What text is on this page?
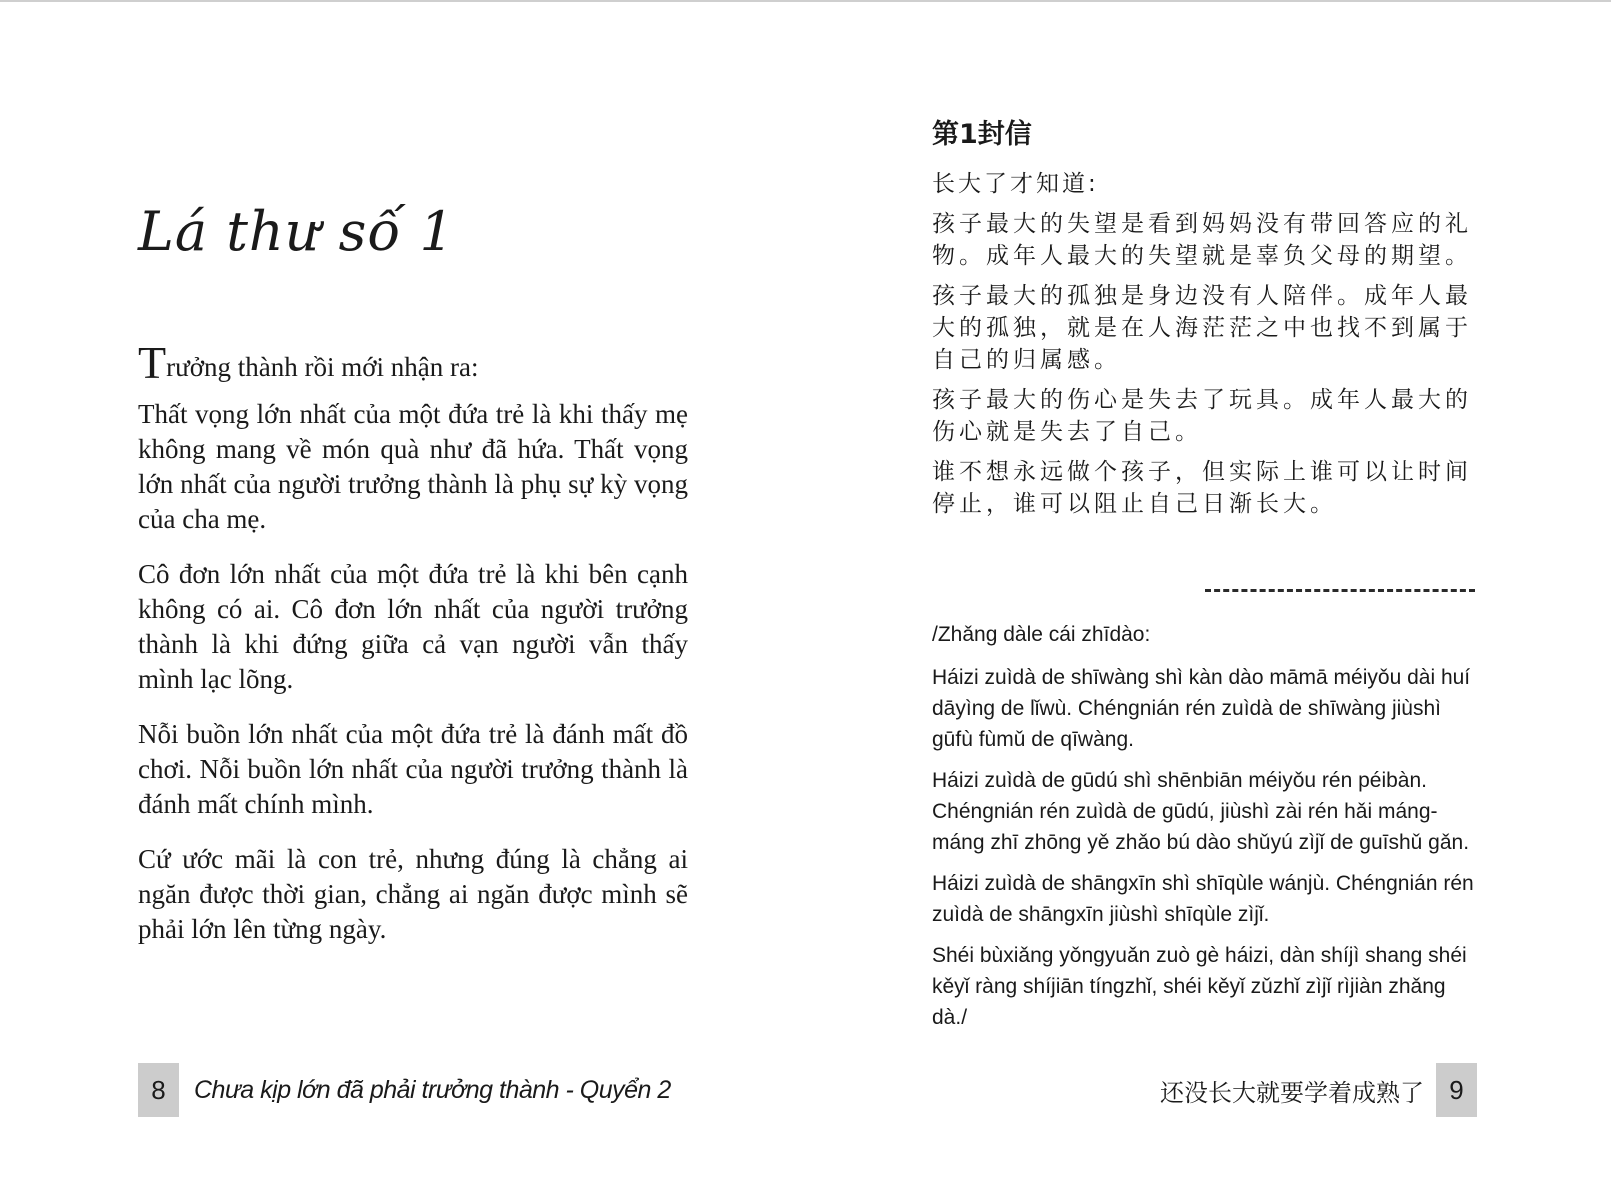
Lá thư số 1

Trưởng thành rồi mới nhận ra:

Thất vọng lớn nhất của một đứa trẻ là khi thấy mẹ không mang về món quà như đã hứa. Thất vọng lớn nhất của người trưởng thành là phụ sự kỳ vọng của cha mẹ.

Cô đơn lớn nhất của một đứa trẻ là khi bên cạnh không có ai. Cô đơn lớn nhất của người trưởng thành là khi đứng giữa cả vạn người vẫn thấy mình lạc lõng.

Nỗi buồn lớn nhất của một đứa trẻ là đánh mất đồ chơi. Nỗi buồn lớn nhất của người trưởng thành là đánh mất chính mình.

Cứ ước mãi là con trẻ, nhưng đúng là chẳng ai ngăn được thời gian, chẳng ai ngăn được mình sẽ phải lớn lên từng ngày.

8	Chưa kịp lớn đã phải trưởng thành - Quyển 2
第1封信

长大了才知道:

孩子最大的失望是看到妈妈没有带回答应的礼物。成年人最大的失望就是辜负父母的期望。

孩子最大的孤独是身边没有人陪伴。成年人最大的孤独，就是在人海茫茫之中也找不到属于自己的归属感。

孩子最大的伤心是失去了玩具。成年人最大的伤心就是失去了自己。

谁不想永远做个孩子，但实际上谁可以让时间停止，谁可以阻止自己日渐长大。

/Zhǎng dàle cái zhīdào:

Háizi zuìdà de shīwàng shì kàn dào māmā méiyǒu dài huí dāyìng de lǐwù. Chéngnián rén zuìdà de shīwàng jiùshì gūfù fùmǔ de qīwàng.

Háizi zuìdà de gūdú shì shēnbiān méiyǒu rén péibàn. Chéngnián rén zuìdà de gūdú, jiùshì zài rén hǎi máng-máng zhī zhōng yě zhǎo bú dào shǔyú zìjǐ de guīshǔ gǎn.

Háizi zuìdà de shāngxīn shì shīqùle wánjù. Chéngnián rén zuìdà de shāngxīn jiùshì shīqùle zìjǐ.

Shéi bùxiǎng yǒngyuǎn zuò gè háizi, dàn shíjì shang shéi kěyǐ ràng shíjiān tíngzhǐ, shéi kěyǐ zǔzhǐ zìjǐ rìjiàn zhǎng dà./

还没长大就要学着成熟了 9
